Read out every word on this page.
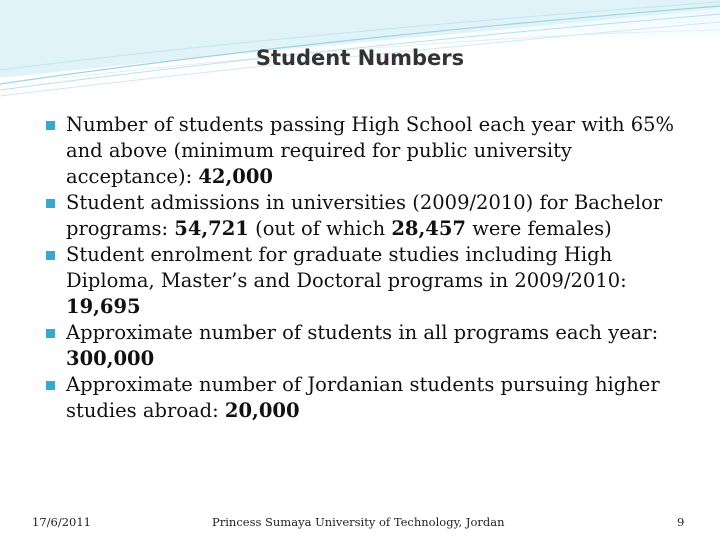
Student Numbers
Number of students passing High School each year with 65% and above (minimum required for public university acceptance): 42,000
Student admissions in universities (2009/2010) for Bachelor programs: 54,721 (out of which 28,457 were females)
Student enrolment for graduate studies including High Diploma, Master’s and Doctoral programs in 2009/2010: 19,695
Approximate number of students in all programs each year: 300,000
Approximate number of Jordanian students pursuing higher studies abroad: 20,000
17/6/2011	Princess Sumaya University of Technology, Jordan	9
